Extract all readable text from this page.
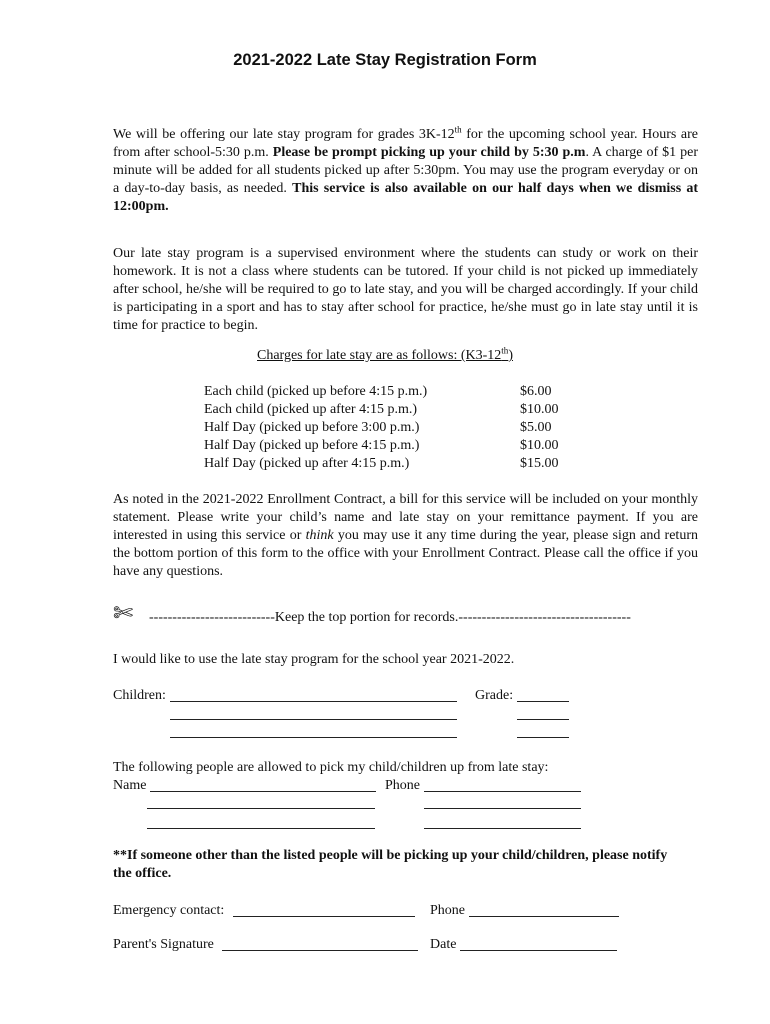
2021-2022 Late Stay Registration Form
We will be offering our late stay program for grades 3K-12th for the upcoming school year. Hours are from after school-5:30 p.m. Please be prompt picking up your child by 5:30 p.m. A charge of $1 per minute will be added for all students picked up after 5:30pm. You may use the program everyday or on a day-to-day basis, as needed. This service is also available on our half days when we dismiss at 12:00pm.
Our late stay program is a supervised environment where the students can study or work on their homework. It is not a class where students can be tutored. If your child is not picked up immediately after school, he/she will be required to go to late stay, and you will be charged accordingly. If your child is participating in a sport and has to stay after school for practice, he/she must go in late stay until it is time for practice to begin.
Charges for late stay are as follows: (K3-12th)
Each child (picked up before 4:15 p.m.)	$6.00
Each child (picked up after 4:15 p.m.)	$10.00
Half Day (picked up before 3:00 p.m.)	$5.00
Half Day (picked up before 4:15 p.m.)	$10.00
Half Day (picked up after 4:15 p.m.)	$15.00
As noted in the 2021-2022 Enrollment Contract, a bill for this service will be included on your monthly statement. Please write your child’s name and late stay on your remittance payment. If you are interested in using this service or think you may use it any time during the year, please sign and return the bottom portion of this form to the office with your Enrollment Contract. Please call the office if you have any questions.
✄	---------------------------Keep the top portion for records.-------------------------------------
I would like to use the late stay program for the school year 2021-2022.
Children:	Grade:
The following people are allowed to pick my child/children up from late stay:
Name	Phone
**If someone other than the listed people will be picking up your child/children, please notify the office.
Emergency contact:	Phone
Parent's Signature	Date
